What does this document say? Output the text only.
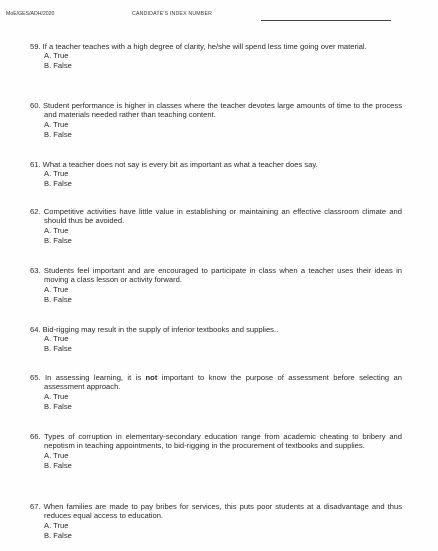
MoE/GES/ADH/2020	CANDIDATE'S INDEX NUMBER
59. If a teacher teaches with a high degree of clarity, he/she will spend less time going over material.
A. True
B. False
60. Student performance is higher in classes where the teacher devotes large amounts of time to the process and materials needed rather than teaching content.
A. True
B. False
61. What a teacher does not say is every bit as important as what a teacher does say.
A. True
B. False
62. Competitive activities have little value in establishing or maintaining an effective classroom climate and should thus be avoided.
A. True
B. False
63. Students feel important and are encouraged to participate in class when a teacher uses their ideas in moving a class lesson or activity forward.
A. True
B. False
64. Bid-rigging may result in the supply of inferior textbooks and supplies..
A. True
B. False
65. In assessing learning, it is not important to know the purpose of assessment before selecting an assessment approach.
A. True
B. False
66. Types of corruption in elementary-secondary education range from academic cheating to bribery and nepotism in teaching appointments, to bid-rigging in the procurement of textbooks and supplies.
A. True
B. False
67. When families are made to pay bribes for services, this puts poor students at a disadvantage and thus reduces equal access to education.
A. True
B. False
